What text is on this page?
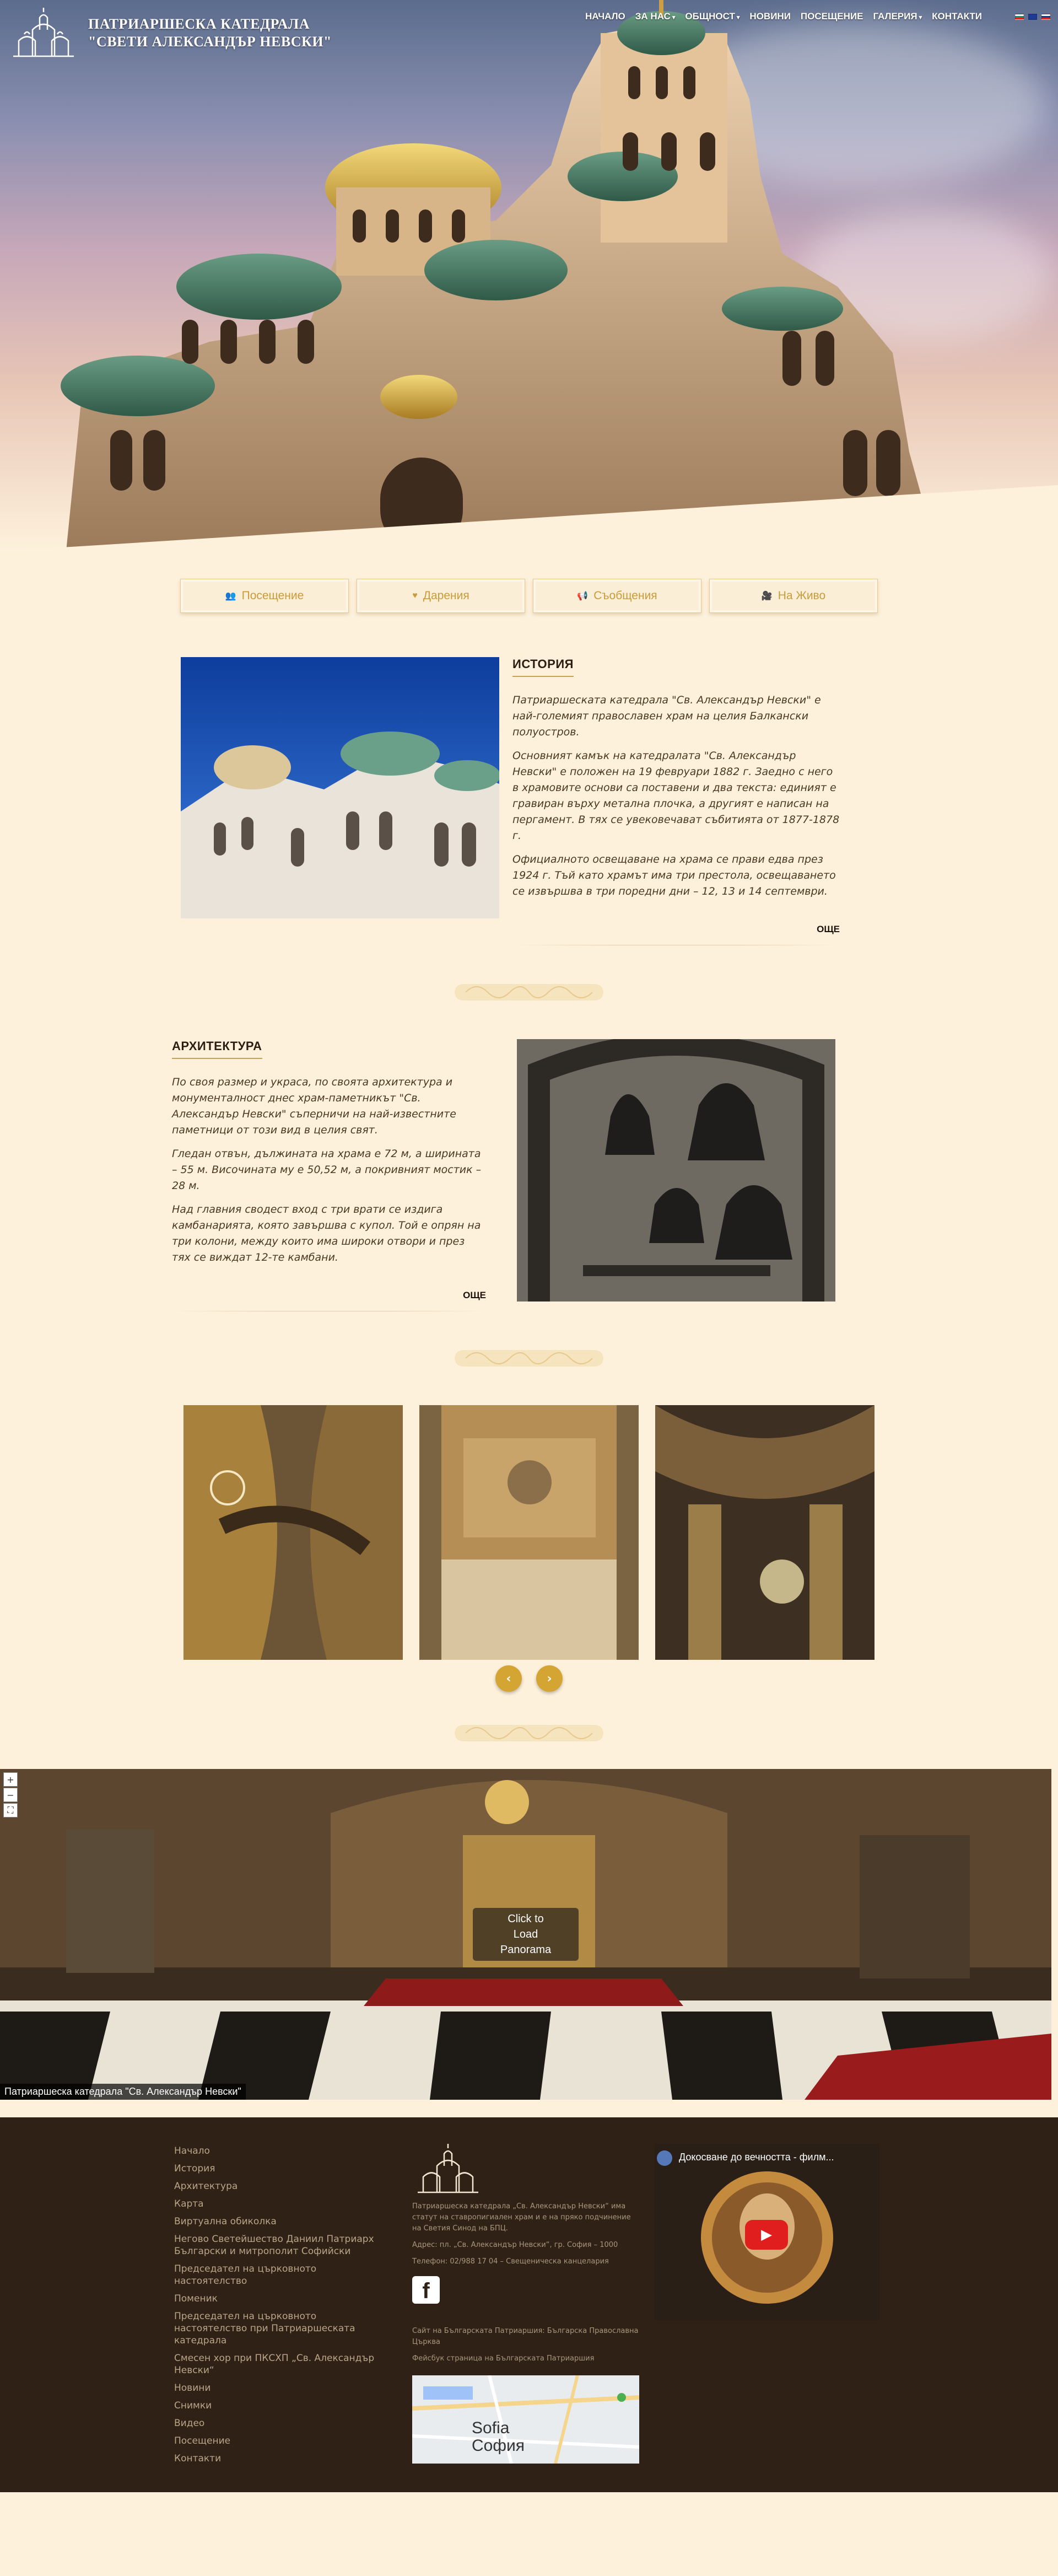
ПАТРИАРШЕСКА КАТЕДРАЛА
"СВЕТИ АЛЕКСАНДЪР НЕВСКИ"
НАЧАЛО ЗА НАС ▾ ОБЩНОСТ ▾ НОВИНИ ПОСЕЩЕНИЕ ГАЛЕРИЯ ▾ КОНТАКТИ
👥 Посещение	♥ Дарения	📢 Съобщения	🎥 На Живо
ИСТОРИЯ

Патриаршеската катедрала "Св. Александър Невски" е най-големият православен храм на целия Балкански полуостров.

Основният камък на катедралата "Св. Александър Невски" е положен на 19 февруари 1882 г. Заедно с него в храмовите основи са поставени и два текста: единият е гравиран върху метална плочка, а другият е написан на пергамент. В тях се увековечават събитията от 1877-1878 г.

Официалното освещаване на храма се прави едва през 1924 г. Тъй като храмът има три престола, освещаването се извършва в три поредни дни – 12, 13 и 14 септември.

ОЩЕ
АРХИТЕКТУРА

По своя размер и украса, по своята архитектура и монументалност днес храм-паметникът "Св. Александър Невски" съперничи на най-известните паметници от този вид в целия свят.

Гледан отвън, дължината на храма е 72 м, а ширината – 55 м. Височината му е 50,52 м, а покривният мостик – 28 м.

Над главния сводест вход с три врати се издига камбанарията, която завършва с купол. Той е опрян на три колони, между които има широки отвори и през тях се виждат 12-те камбани.

ОЩЕ
‹	›
+
−
⛶
Click to
Load
Panorama
Патриаршеска катедрала "Св. Александър Невски"
Начало
История
Архитектура
Карта
Виртуална обиколка
Негово Светейшество Даниил Патриарх Български и митрополит Софийски
Председател на църковното настоятелство
Поменик
Председател на църковното настоятелство при Патриаршеската катедрала
Смесен хор при ПКСХП „Св. Александър Невски“
Новини
Снимки
Видео
Посещение
Контакти

Патриаршеска катедрала „Св. Александър Невски“ има статут на ставропигиален храм и е на пряко подчинение на Светия Синод на БПЦ.

Адрес: пл. „Св. Александър Невски“, гр. София – 1000

Телефон: 02/988 17 04 – Свещеническа канцелария

f

Сайт на Българската Патриаршия: Българска Православна Църква

Фейсбук страница на Българската Патриаршия

Sofia
София
Докосване до вечността - филм...
▶
